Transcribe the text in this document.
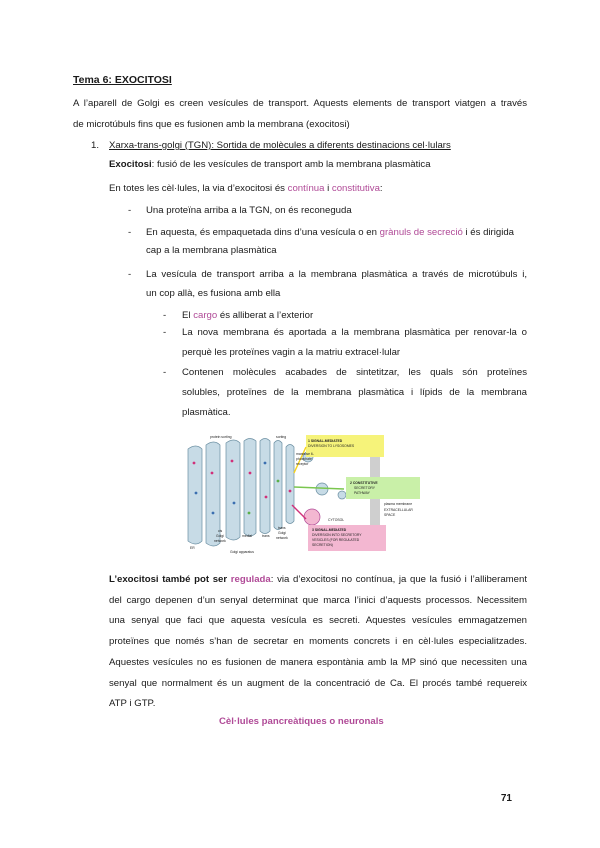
Tema 6: EXOCITOSI
A l’aparell de Golgi es creen vesícules de transport. Aquests elements de transport viatgen a través
de microtúbuls fins que es fusionen amb la membrana (exocitosi)
1. Xarxa-trans-golgi (TGN): Sortida de molècules a diferents destinacions cel·lulars
Exocitosi: fusió de les vesícules de transport amb la membrana plasmàtica
En totes les cèl·lules, la via d’exocitosi és contínua i constitutiva:
- Una proteïna arriba a la TGN, on és reconeguda
- En aquesta, és empaquetada dins d’una vesícula o en grànuls de secreció i és dirigida
cap a la membrana plasmàtica
- La vesícula de transport arriba a la membrana plasmàtica a través de microtúbuls i,
un cop allà, es fusiona amb ella
- El cargo és alliberat a l’exterior
- La nova membrana és aportada a la membrana plasmàtica per renovar-la o
perquè les proteïnes vagin a la matriu extracel·lular
- Contenen molècules acabades de sintetitzar, les quals són proteïnes
solubles, proteïnes de la membrana plasmàtica i lípids de la membrana
plasmàtica.
protein sorting	sorting
1 SIGNAL-MEDIATED
DIVERSION TO LYSOSOMES
mannose 6-
phosphate
receptor
2 CONSTITUTIVE
SECRETORY
PATHWAY
plasma membrane
EXTRACELLULAR
SPACE
CYTOSOL
3 SIGNAL-MEDIATED
DIVERSION INTO SECRETORY
VESICLES (FOR REGULATED
SECRETION)
cis
Golgi
network
medial	trans
trans
Golgi
network
ER
Golgi apparatus
L’exocitosi també pot ser regulada: via d’exocitosi no contínua, ja que la fusió i l’alliberament
del cargo depenen d’un senyal determinat que marca l’inici d’aquests processos. Necessitem
una senyal que faci que aquesta vesícula es secreti. Aquestes vesícules emmagatzemen
proteïnes que només s’han de secretar en moments concrets i en cèl·lules especialitzades.
Aquestes vesícules no es fusionen de manera espontània amb la MP sinó que necessiten una
senyal que normalment és un augment de la concentració de Ca. El procés també requereix
ATP i GTP.
Cèl·lules pancreàtiques o neuronals
71
